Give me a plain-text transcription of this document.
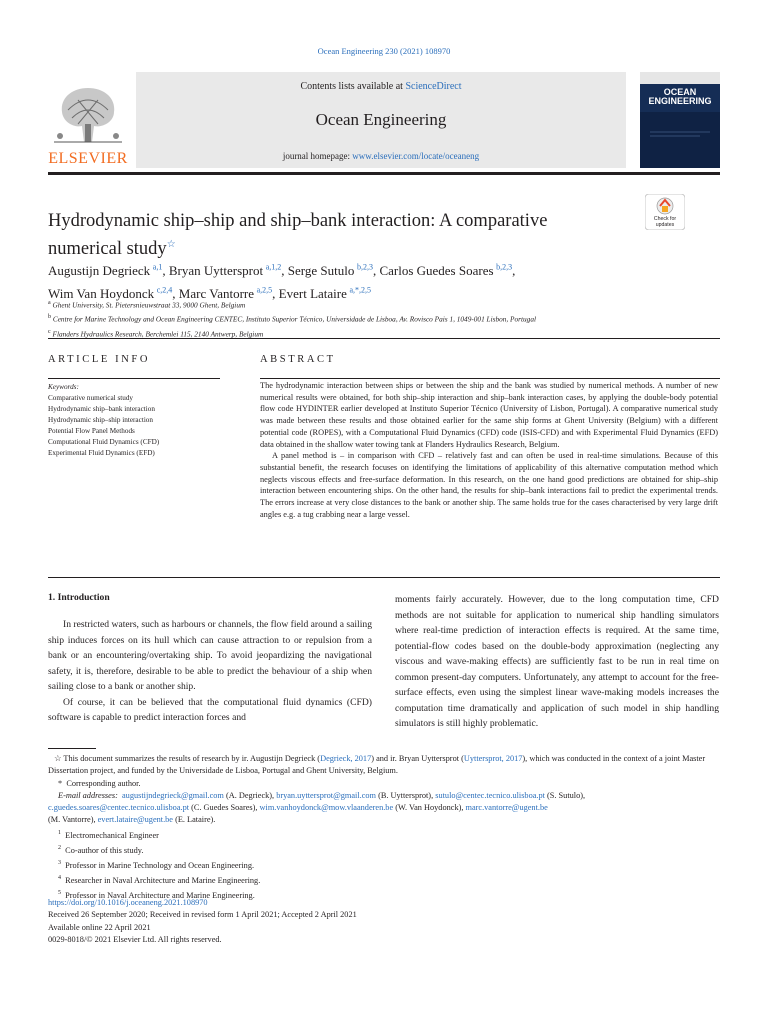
Ocean Engineering 230 (2021) 108970
ELSEVIER
Contents lists available at ScienceDirect
Ocean Engineering
journal homepage: www.elsevier.com/locate/oceaneng
OCEAN ENGINEERING
Hydrodynamic ship–ship and ship–bank interaction: A comparative numerical study☆
Check for updates
Augustijn Degrieck  $^{a,1}$, Bryan Uyttersprot  $^{a,1,2}$, Serge Sutulo  $^{b,2,3}$, Carlos Guedes Soares  $^{b,2,3}$,
Wim Van Hoydonck  $^{c,2,4}$, Marc Vantorre  $^{a,2,5}$, Evert Lataire  $^{a,*,2,5}$
$^a$ Ghent University, St. Pietersnieuwstraat 33, 9000 Ghent, Belgium
$^b$ Centre for Marine Technology and Ocean Engineering CENTEC, Instituto Superior Técnico, Universidade de Lisboa, Av. Rovisco Pais 1, 1049-001 Lisbon, Portugal
$^c$ Flanders Hydraulics Research, Berchemlei 115, 2140 Antwerp, Belgium
ARTICLE INFO
Keywords:
Comparative numerical study
Hydrodynamic ship–bank interaction
Hydrodynamic ship–ship interaction
Potential Flow Panel Methods
Computational Fluid Dynamics (CFD)
Experimental Fluid Dynamics (EFD)
ABSTRACT

The hydrodynamic interaction between ships or between the ship and the bank was studied by numerical methods. A number of new numerical results were obtained, for both ship–ship interaction and ship–bank interaction cases, by applying the double-body potential flow code HYDINTER earlier developed at Instituto Superior Técnico (University of Lisbon, Portugal). A comparative numerical study was made between these results and those obtained earlier for the same ship forms at Ghent University (Belgium) with a different potential code (ROPES), with a Computational Fluid Dynamics (CFD) code (ISIS-CFD) and with Experimental Fluid Dynamics (EFD) data obtained in the shallow water towing tank at Flanders Hydraulics Research, Belgium.

A panel method is – in comparison with CFD – relatively fast and can often be used in real-time simulations. Because of this substantial benefit, the research focuses on identifying the limitations of applicability of this alternative computation method which neglects viscous effects and free-surface deformation. In this research, on the one hand good predictions are obtained for ship–ship interaction between encountering ships. On the other hand, the results for ship–bank interactions fail to predict the experimental trends. The errors increase at very close distances to the bank or another ship. The same holds true for the cases characterised by very large drift angles e.g. a tug crabbing near a large vessel.

1. Introduction

In restricted waters, such as harbours or channels, the flow field around a sailing ship induces forces on its hull which can cause attraction to or repulsion from a bank or an encountering/overtaking ship. To avoid jeopardizing the navigational safety, it is, therefore, desirable to be able to predict the behaviour of a ship when sailing close to a bank or another ship.

Of course, it can be believed that the computational fluid dynamics (CFD) software is capable to predict interaction forces and

moments fairly accurately. However, due to the long computation time, CFD methods are not suitable for application to numerical ship handling simulators where real-time prediction of interaction effects is required. At the same time, potential-flow codes based on the double-body approximation (neglecting any viscous and wave-making effects) are sufficiently fast to be run in real time on common present-day computers. Unfortunately, any attempt to account for the free-surface effects, even using the simplest linear wave-making models increases the computation time dramatically and application of such model in ship handling simulators is still highly problematic.

☆ This document summarizes the results of research by ir. Augustijn Degrieck (Degrieck, 2017) and ir. Bryan Uyttersprot (Uyttersprot, 2017), which was conducted in the context of a joint Master Dissertation project, and funded by the Universidade de Lisboa, Portugal and Ghent University, Belgium.
* Corresponding author.
E-mail addresses: augustijndegrieck@gmail.com (A. Degrieck), bryan.uyttersprot@gmail.com (B. Uyttersprot), sutulo@centec.tecnico.ulisboa.pt (S. Sutulo),
c.guedes.soares@centec.tecnico.ulisboa.pt (C. Guedes Soares), wim.vanhoydonck@mow.vlaanderen.be (W. Van Hoydonck), marc.vantorre@ugent.be
(M. Vantorre), evert.lataire@ugent.be (E. Lataire).
$^1$ Electromechanical Engineer
$^2$ Co-author of this study.
$^3$ Professor in Marine Technology and Ocean Engineering.
$^4$ Researcher in Naval Architecture and Marine Engineering.
$^5$ Professor in Naval Architecture and Marine Engineering.
https://doi.org/10.1016/j.oceaneng.2021.108970
Received 26 September 2020; Received in revised form 1 April 2021; Accepted 2 April 2021
Available online 22 April 2021
0029-8018/© 2021 Elsevier Ltd. All rights reserved.
